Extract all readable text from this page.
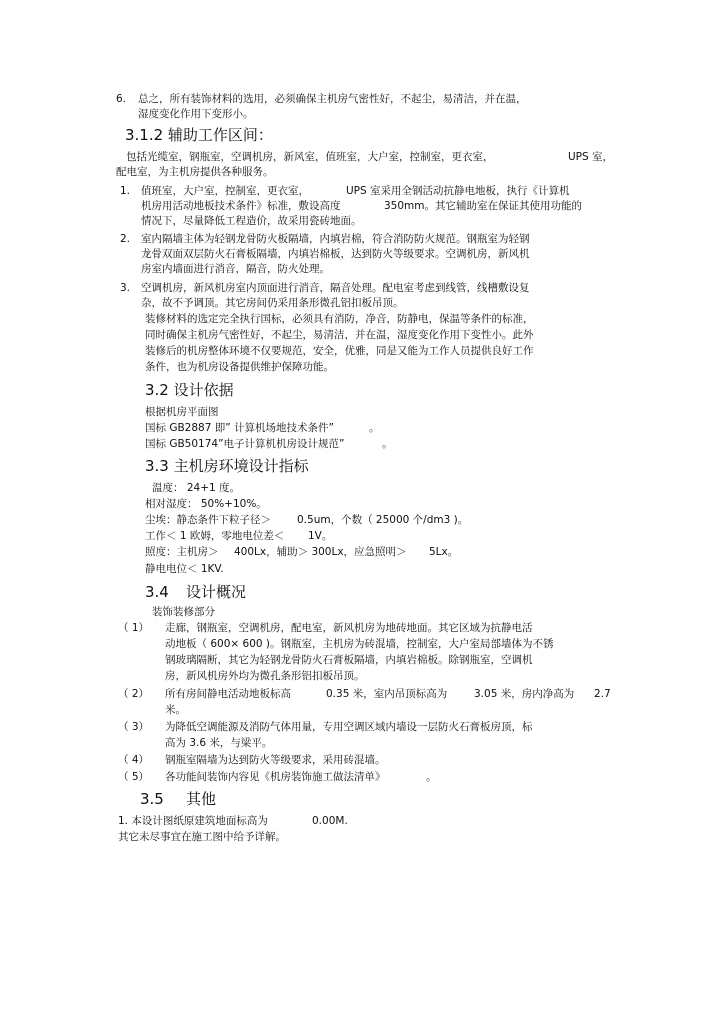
6. 总之，所有装饰材料的选用，必须确保主机房气密性好，不起尘，易清洁，并在温，
湿度变化作用下变形小。
3.1.2 辅助工作区间：
包括光缆室，钢瓶室，空调机房，新风室，值班室，大户室，控制室，更衣室，	UPS 室，
配电室，为主机房提供各种服务。
1. 值班室，大户室，控制室，更衣室，	UPS 室采用全钢活动抗静电地板，执行《计算机
机房用活动地板技术条件》标准，敷设高度	350mm。其它辅助室在保证其使用功能的
情况下，尽量降低工程造价，故采用瓷砖地面。
2. 室内隔墙主体为轻钢龙骨防火板隔墙，内填岩棉，符合消防防火规范。钢瓶室为轻钢
龙骨双面双层防火石膏板隔墙，内填岩棉板，达到防火等级要求。空调机房，新风机
房室内墙面进行消音，隔音，防火处理。
3. 空调机房，新风机房室内顶面进行消音，隔音处理。配电室考虑到线管，线槽敷设复
杂，故不予调顶。其它房间仍采用条形微孔铝扣板吊顶。
装修材料的选定完全执行国标，必须具有消防，净音，防静电，保温等条件的标准，
同时确保主机房气密性好，不起尘，易清洁，并在温，湿度变化作用下变性小。此外
装修后的机房整体环境不仅要规范，安全，优雅，同是又能为工作人员提供良好工作
条件，也为机房设备提供维护保障功能。
3.2 设计依据
根据机房平面图
国标 GB2887 即” 计算机场地技术条件”	。
国标 GB50174”电子计算机机房设计规范”	。
3.3 主机房环境设计指标
温度： 24+1 度。
相对湿度： 50%+10%。
尘埃：静态条件下粒子径＞ 0.5um，个数（ 25000 个/dm3 )。
工作＜ 1 欧姆，零地电位差＜ 1V。
照度：主机房＞ 400Lx，辅助＞ 300Lx，应急照明＞ 5Lx。
静电电位＜ 1KV.
3.4 设计概况
装饰装修部分
（ 1） 走廊，钢瓶室，空调机房，配电室，新风机房为地砖地面。其它区域为抗静电活
动地板（ 600× 600 )。钢瓶室，主机房为砖混墙，控制室，大户室局部墙体为不锈
钢玻璃隔断，其它为轻钢龙骨防火石膏板隔墙，内填岩棉板。除钢瓶室，空调机
房，新风机房外均为微孔条形铝扣板吊顶。
（ 2） 所有房间静电活动地板标高	0.35 米，室内吊顶标高为	3.05 米，房内净高为 2.7
米。
（ 3） 为降低空调能源及消防气体用量，专用空调区域内墙设一层防火石膏板房顶，标
高为 3.6 米，与梁平。
（ 4） 钢瓶室隔墙为达到防火等级要求，采用砖混墙。
（ 5） 各功能间装饰内容见《机房装饰施工做法清单》	。
3.5 其他
1. 本设计图纸原建筑地面标高为	0.00M.
其它未尽事宜在施工图中给予详解。
